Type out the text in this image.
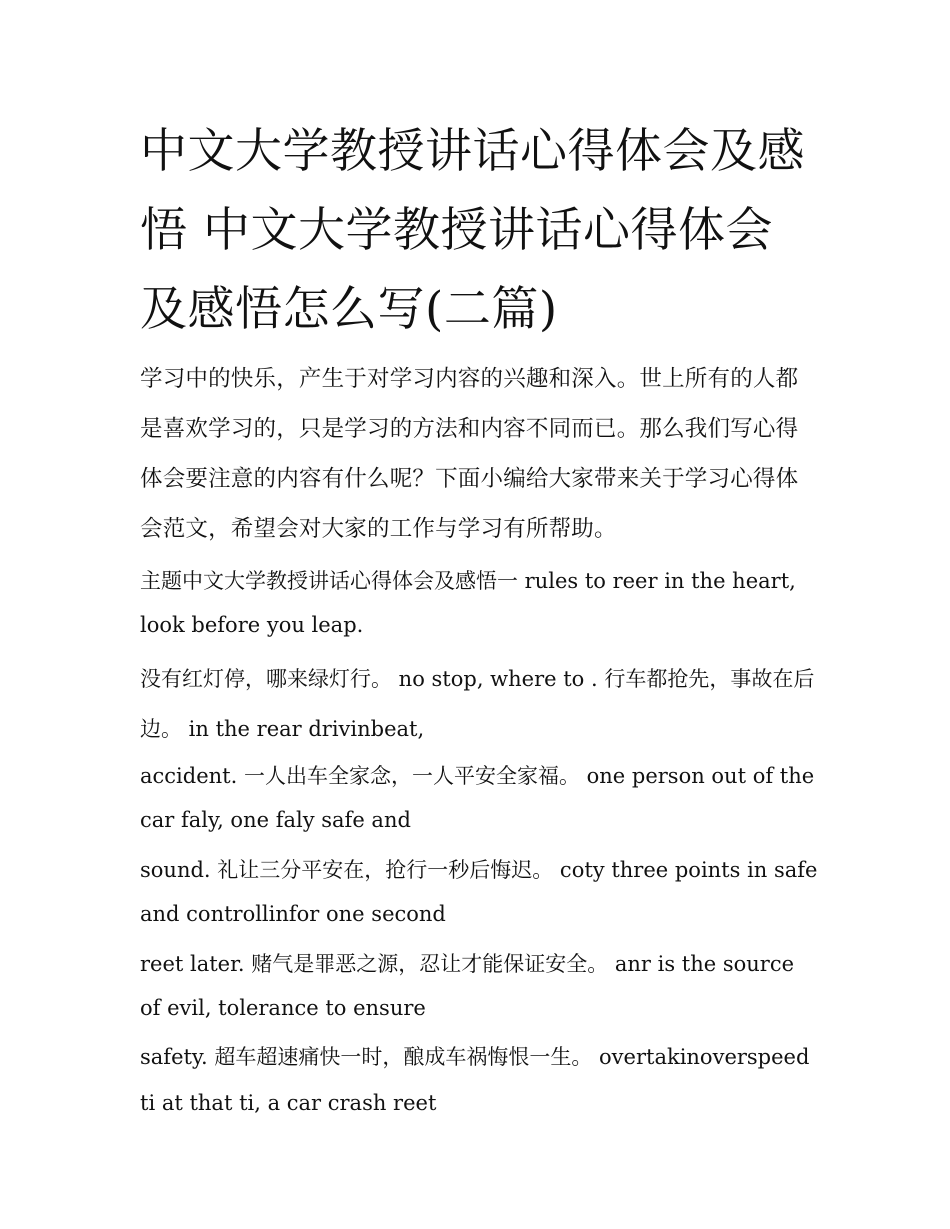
中文大学教授讲话心得体会及感悟 中文大学教授讲话心得体会及感悟怎么写(二篇)

学习中的快乐，产生于对学习内容的兴趣和深入。世上所有的人都是喜欢学习的，只是学习的方法和内容不同而已。那么我们写心得体会要注意的内容有什么呢？下面小编给大家带来关于学习心得体会范文，希望会对大家的工作与学习有所帮助。

主题中文大学教授讲话心得体会及感悟一 rules to reer in the heart, look before you leap.

没有红灯停，哪来绿灯行。 no stop, where to . 行车都抢先，事故在后边。 in the rear drivinbeat,

accident. 一人出车全家念，一人平安全家福。 one person out of the car faly, one faly safe and

sound. 礼让三分平安在，抢行一秒后悔迟。 coty three points in safe and controllinfor one second

reet later. 赌气是罪恶之源，忍让才能保证安全。 anr is the source of evil, tolerance to ensure

safety. 超车超速痛快一时，酿成车祸悔恨一生。 overtakinoverspeed ti at that ti, a car crash reet
